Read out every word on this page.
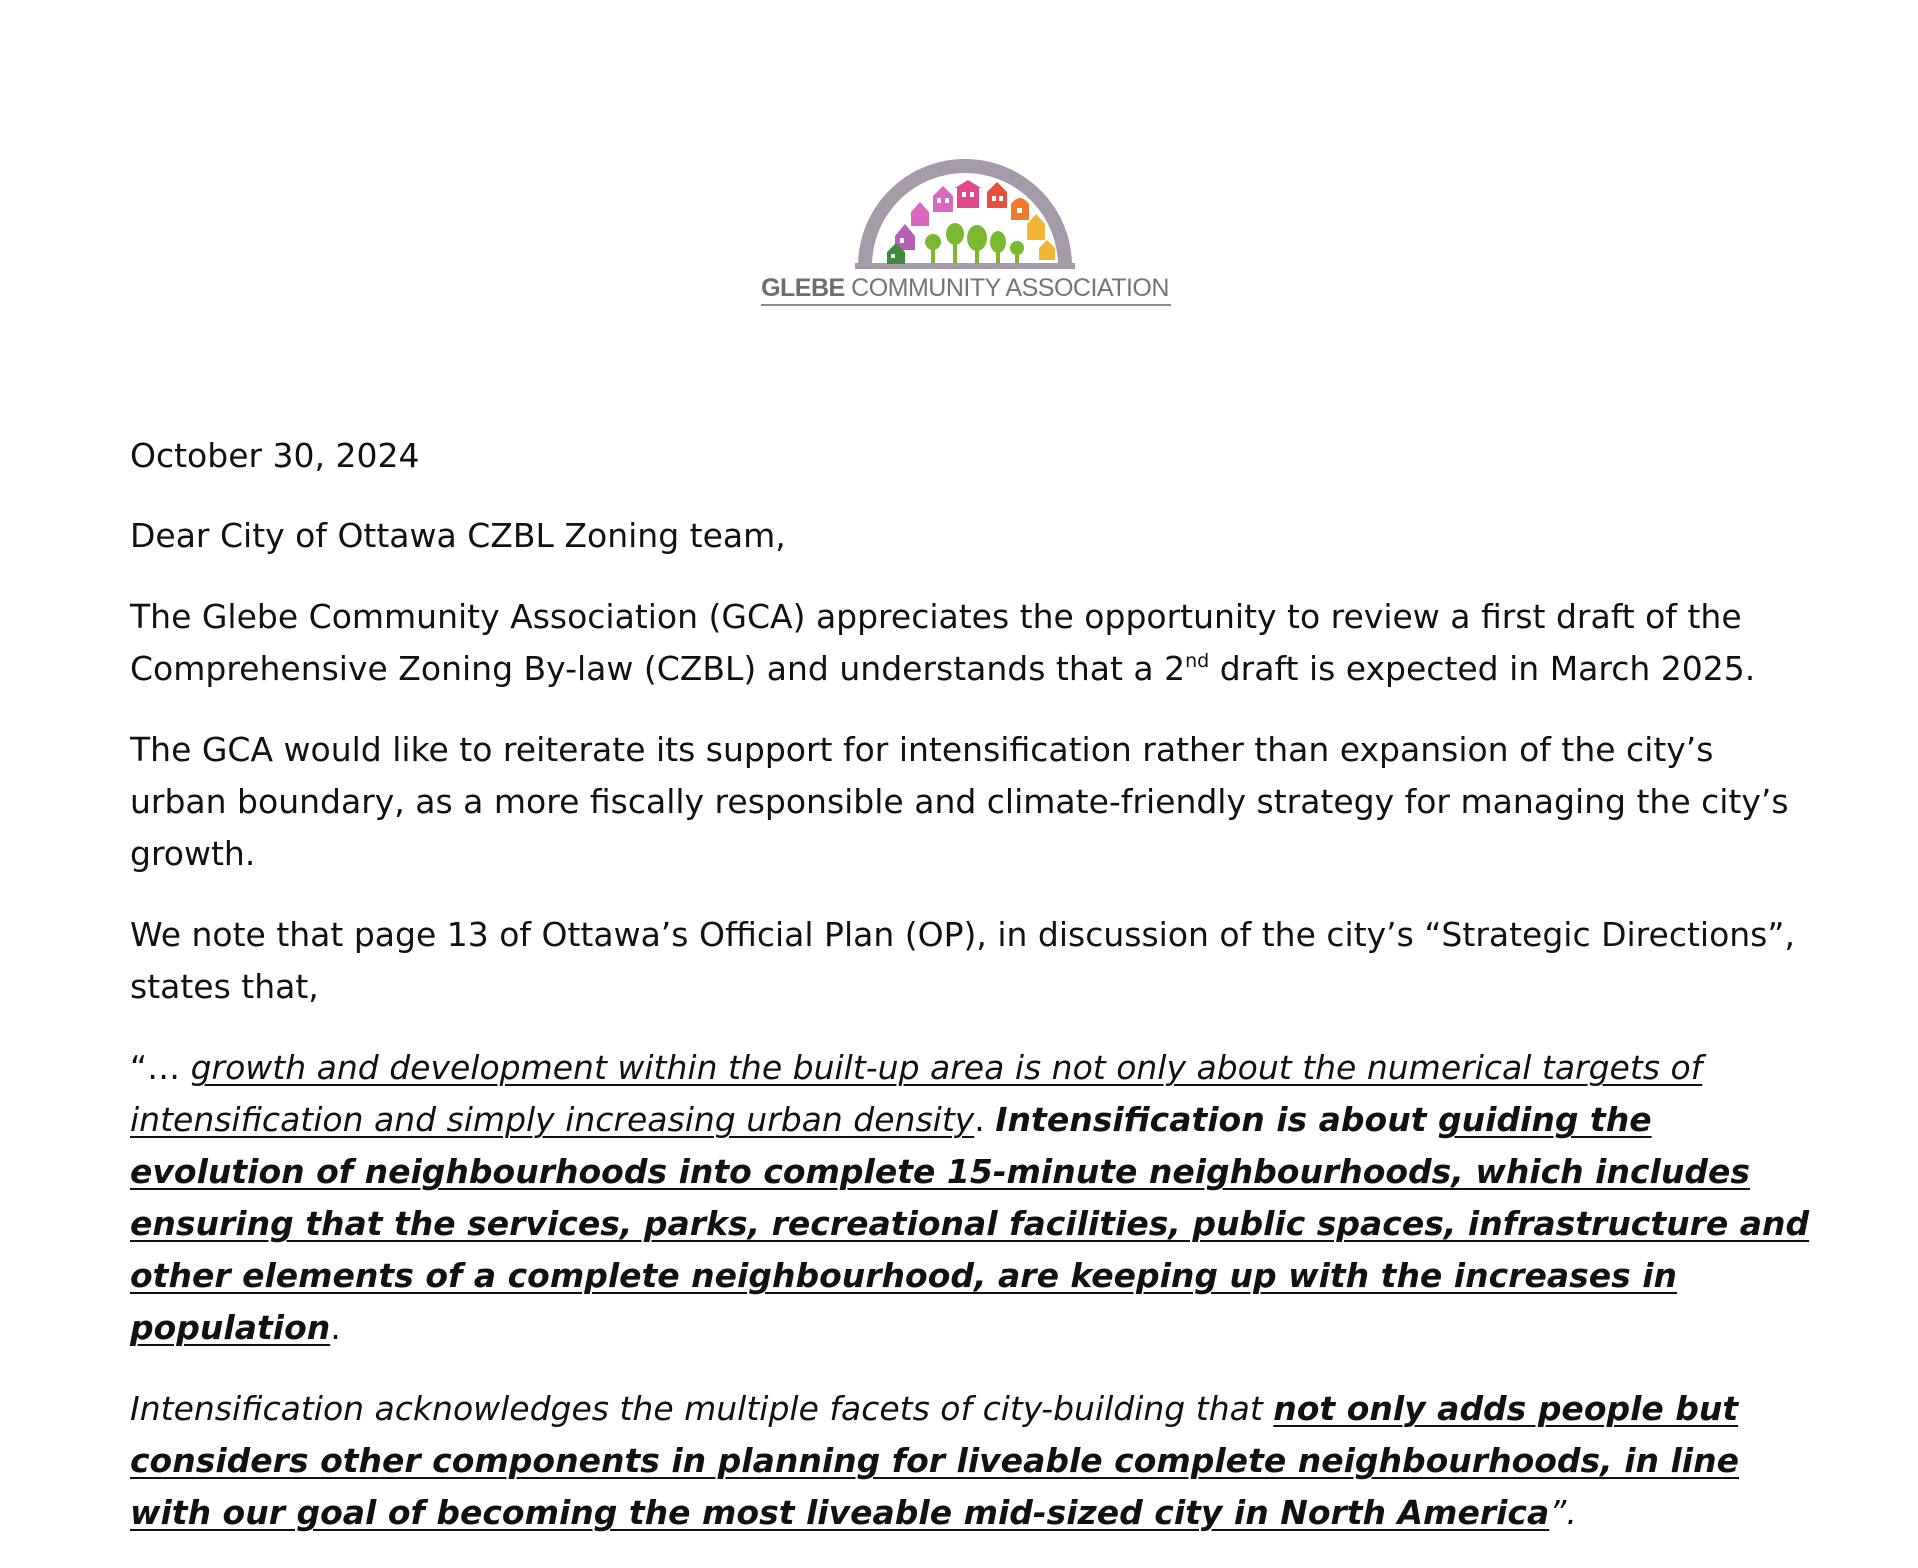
GLEBE COMMUNITY ASSOCIATION

October 30, 2024

Dear City of Ottawa CZBL Zoning team,

The Glebe Community Association (GCA) appreciates the opportunity to review a first draft of the Comprehensive Zoning By-law (CZBL) and understands that a 2nd draft is expected in March 2025.

The GCA would like to reiterate its support for intensification rather than expansion of the city’s urban boundary, as a more fiscally responsible and climate-friendly strategy for managing the city’s growth.

We note that page 13 of Ottawa’s Official Plan (OP), in discussion of the city’s “Strategic Directions”, states that,

“… growth and development within the built-up area is not only about the numerical targets of intensification and simply increasing urban density. Intensification is about guiding the evolution of neighbourhoods into complete 15-minute neighbourhoods, which includes ensuring that the services, parks, recreational facilities, public spaces, infrastructure and other elements of a complete neighbourhood, are keeping up with the increases in population.

Intensification acknowledges the multiple facets of city-building that not only adds people but considers other components in planning for liveable complete neighbourhoods, in line with our goal of becoming the most liveable mid-sized city in North America”.
